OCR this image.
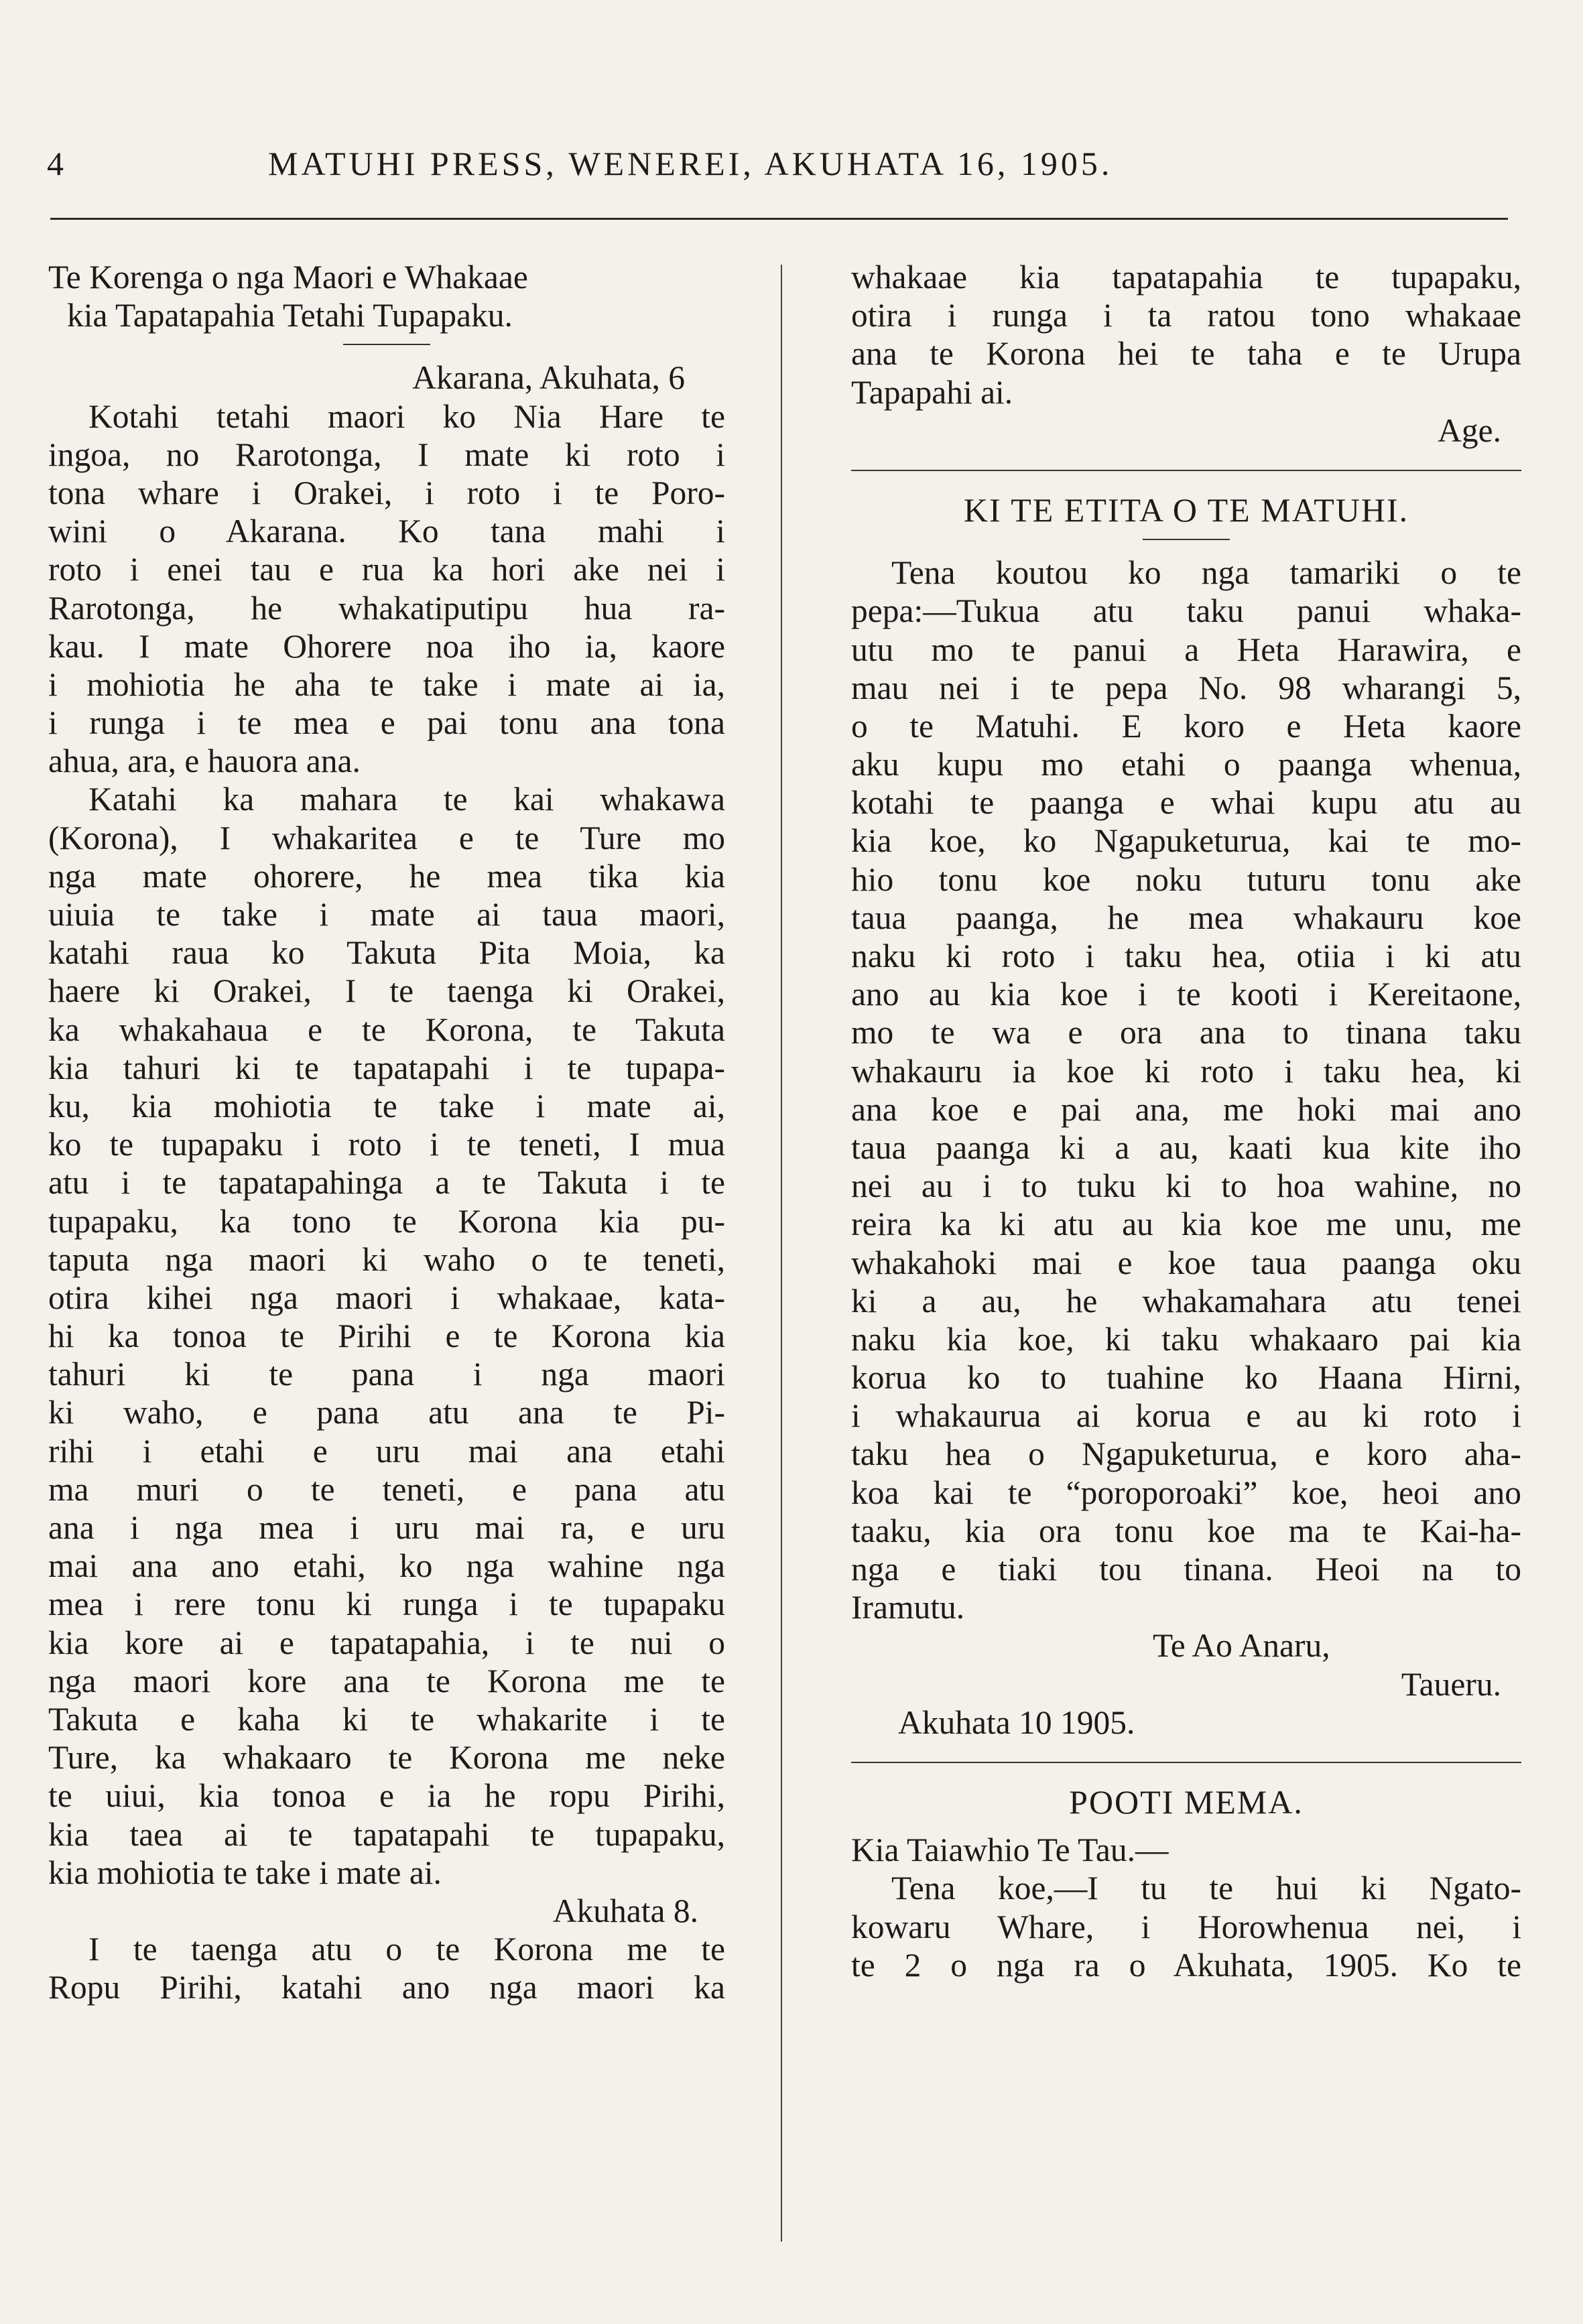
4	MATUHI PRESS, WENEREI, AKUHATA 16, 1905.
Te Korenga o nga Maori e Whakaae
kia Tapatapahia Tetahi Tupapaku.
Akarana, Akuhata, 6
Kotahi tetahi maori ko Nia Hare te
ingoa, no Rarotonga, I mate ki roto i
tona whare i Orakei, i roto i te Poro-
wini o Akarana. Ko tana mahi i
roto i enei tau e rua ka hori ake nei i
Rarotonga, he whakatiputipu hua ra-
kau. I mate Ohorere noa iho ia, kaore
i mohiotia he aha te take i mate ai ia,
i runga i te mea e pai tonu ana tona
ahua, ara, e hauora ana.
Katahi ka mahara te kai whakawa
(Korona), I whakaritea e te Ture mo
nga mate ohorere, he mea tika kia
uiuia te take i mate ai taua maori,
katahi raua ko Takuta Pita Moia, ka
haere ki Orakei, I te taenga ki Orakei,
ka whakahaua e te Korona, te Takuta
kia tahuri ki te tapatapahi i te tupapa-
ku, kia mohiotia te take i mate ai,
ko te tupapaku i roto i te teneti, I mua
atu i te tapatapahinga a te Takuta i te
tupapaku, ka tono te Korona kia pu-
taputa nga maori ki waho o te teneti,
otira kihei nga maori i whakaae, kata-
hi ka tonoa te Pirihi e te Korona kia
tahuri ki te pana i nga maori
ki waho, e pana atu ana te Pi-
rihi i etahi e uru mai ana etahi
ma muri o te teneti, e pana atu
ana i nga mea i uru mai ra, e uru
mai ana ano etahi, ko nga wahine nga
mea i rere tonu ki runga i te tupapaku
kia kore ai e tapatapahia, i te nui o
nga maori kore ana te Korona me te
Takuta e kaha ki te whakarite i te
Ture, ka whakaaro te Korona me neke
te uiui, kia tonoa e ia he ropu Pirihi,
kia taea ai te tapatapahi te tupapaku,
kia mohiotia te take i mate ai.
Akuhata 8.
I te taenga atu o te Korona me te
Ropu Pirihi, katahi ano nga maori ka
whakaae kia tapatapahia te tupapaku,
otira i runga i ta ratou tono whakaae
ana te Korona hei te taha e te Urupa
Tapapahi ai.
Age.
KI TE ETITA O TE MATUHI.
Tena koutou ko nga tamariki o te
pepa:—Tukua atu taku panui whaka-
utu mo te panui a Heta Harawira, e
mau nei i te pepa No. 98 wharangi 5,
o te Matuhi. E koro e Heta kaore
aku kupu mo etahi o paanga whenua,
kotahi te paanga e whai kupu atu au
kia koe, ko Ngapuketurua, kai te mo-
hio tonu koe noku tuturu tonu ake
taua paanga, he mea whakauru koe
naku ki roto i taku hea, otiia i ki atu
ano au kia koe i te kooti i Kereitaone,
mo te wa e ora ana to tinana taku
whakauru ia koe ki roto i taku hea, ki
ana koe e pai ana, me hoki mai ano
taua paanga ki a au, kaati kua kite iho
nei au i to tuku ki to hoa wahine, no
reira ka ki atu au kia koe me unu, me
whakahoki mai e koe taua paanga oku
ki a au, he whakamahara atu tenei
naku kia koe, ki taku whakaaro pai kia
korua ko to tuahine ko Haana Hirni,
i whakaurua ai korua e au ki roto i
taku hea o Ngapuketurua, e koro aha-
koa kai te “poroporoaki” koe, heoi ano
taaku, kia ora tonu koe ma te Kai-ha-
nga e tiaki tou tinana. Heoi na to
Iramutu.
Te Ao Anaru,
Taueru.
Akuhata 10 1905.
POOTI MEMA.
Kia Taiawhio Te Tau.—
Tena koe,—I tu te hui ki Ngato-
kowaru Whare, i Horowhenua nei, i
te 2 o nga ra o Akuhata, 1905. Ko te
